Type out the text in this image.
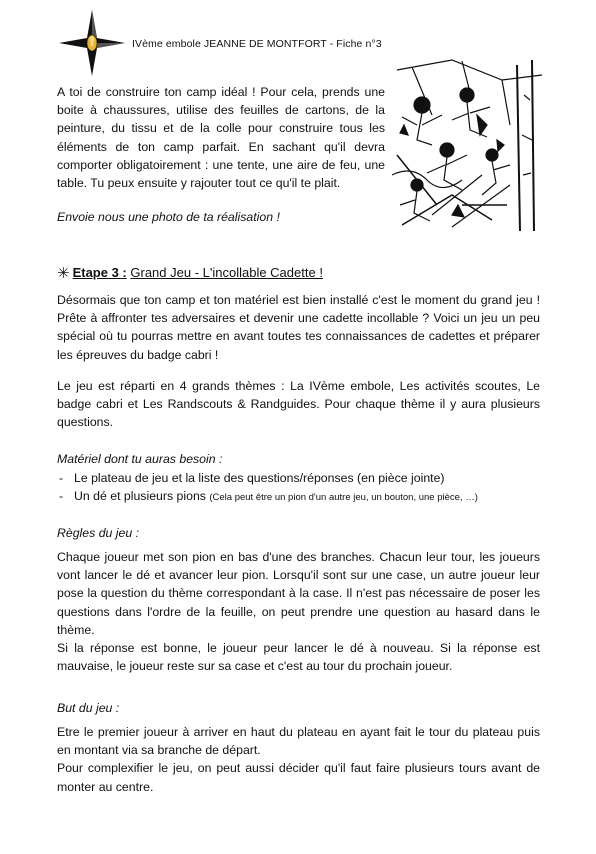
IVème embole JEANNE DE MONTFORT - Fiche n°3

A toi de construire ton camp idéal ! Pour cela, prends une boite à chaussures, utilise des feuilles de cartons, de la peinture, du tissu et de la colle pour construire tous les éléments de ton camp parfait. En sachant qu'il devra comporter obligatoirement : une tente, une aire de feu, une table. Tu peux ensuite y rajouter tout ce qu'il te plait.

Envoie nous une photo de ta réalisation !

✳ Etape 3 : Grand Jeu - L'incollable Cadette !

Désormais que ton camp et ton matériel est bien installé c'est le moment du grand jeu ! Prête à affronter tes adversaires et devenir une cadette incollable ? Voici un jeu un peu spécial où tu pourras mettre en avant toutes tes connaissances de cadettes et préparer les épreuves du badge cabri !

Le jeu est réparti en 4 grands thèmes : La IVème embole, Les activités scoutes, Le badge cabri et Les Randscouts & Randguides. Pour chaque thème il y aura plusieurs questions.

Matériel dont tu auras besoin :
- Le plateau de jeu et la liste des questions/réponses (en pièce jointe)
- Un dé et plusieurs pions (Cela peut être un pion d'un autre jeu, un bouton, une pièce, …)
Règles du jeu :
Chaque joueur met son pion en bas d'une des branches. Chacun leur tour, les joueurs vont lancer le dé et avancer leur pion. Lorsqu'il sont sur une case, un autre joueur leur pose la question du thème correspondant à la case. Il n'est pas nécessaire de poser les questions dans l'ordre de la feuille, on peut prendre une question au hasard dans le thème.
Si la réponse est bonne, le joueur peur lancer le dé à nouveau. Si la réponse est mauvaise, le joueur reste sur sa case et c'est au tour du prochain joueur.
But du jeu :
Etre le premier joueur à arriver en haut du plateau en ayant fait le tour du plateau puis en montant via sa branche de départ.
Pour complexifier le jeu, on peut aussi décider qu'il faut faire plusieurs tours avant de monter au centre.
